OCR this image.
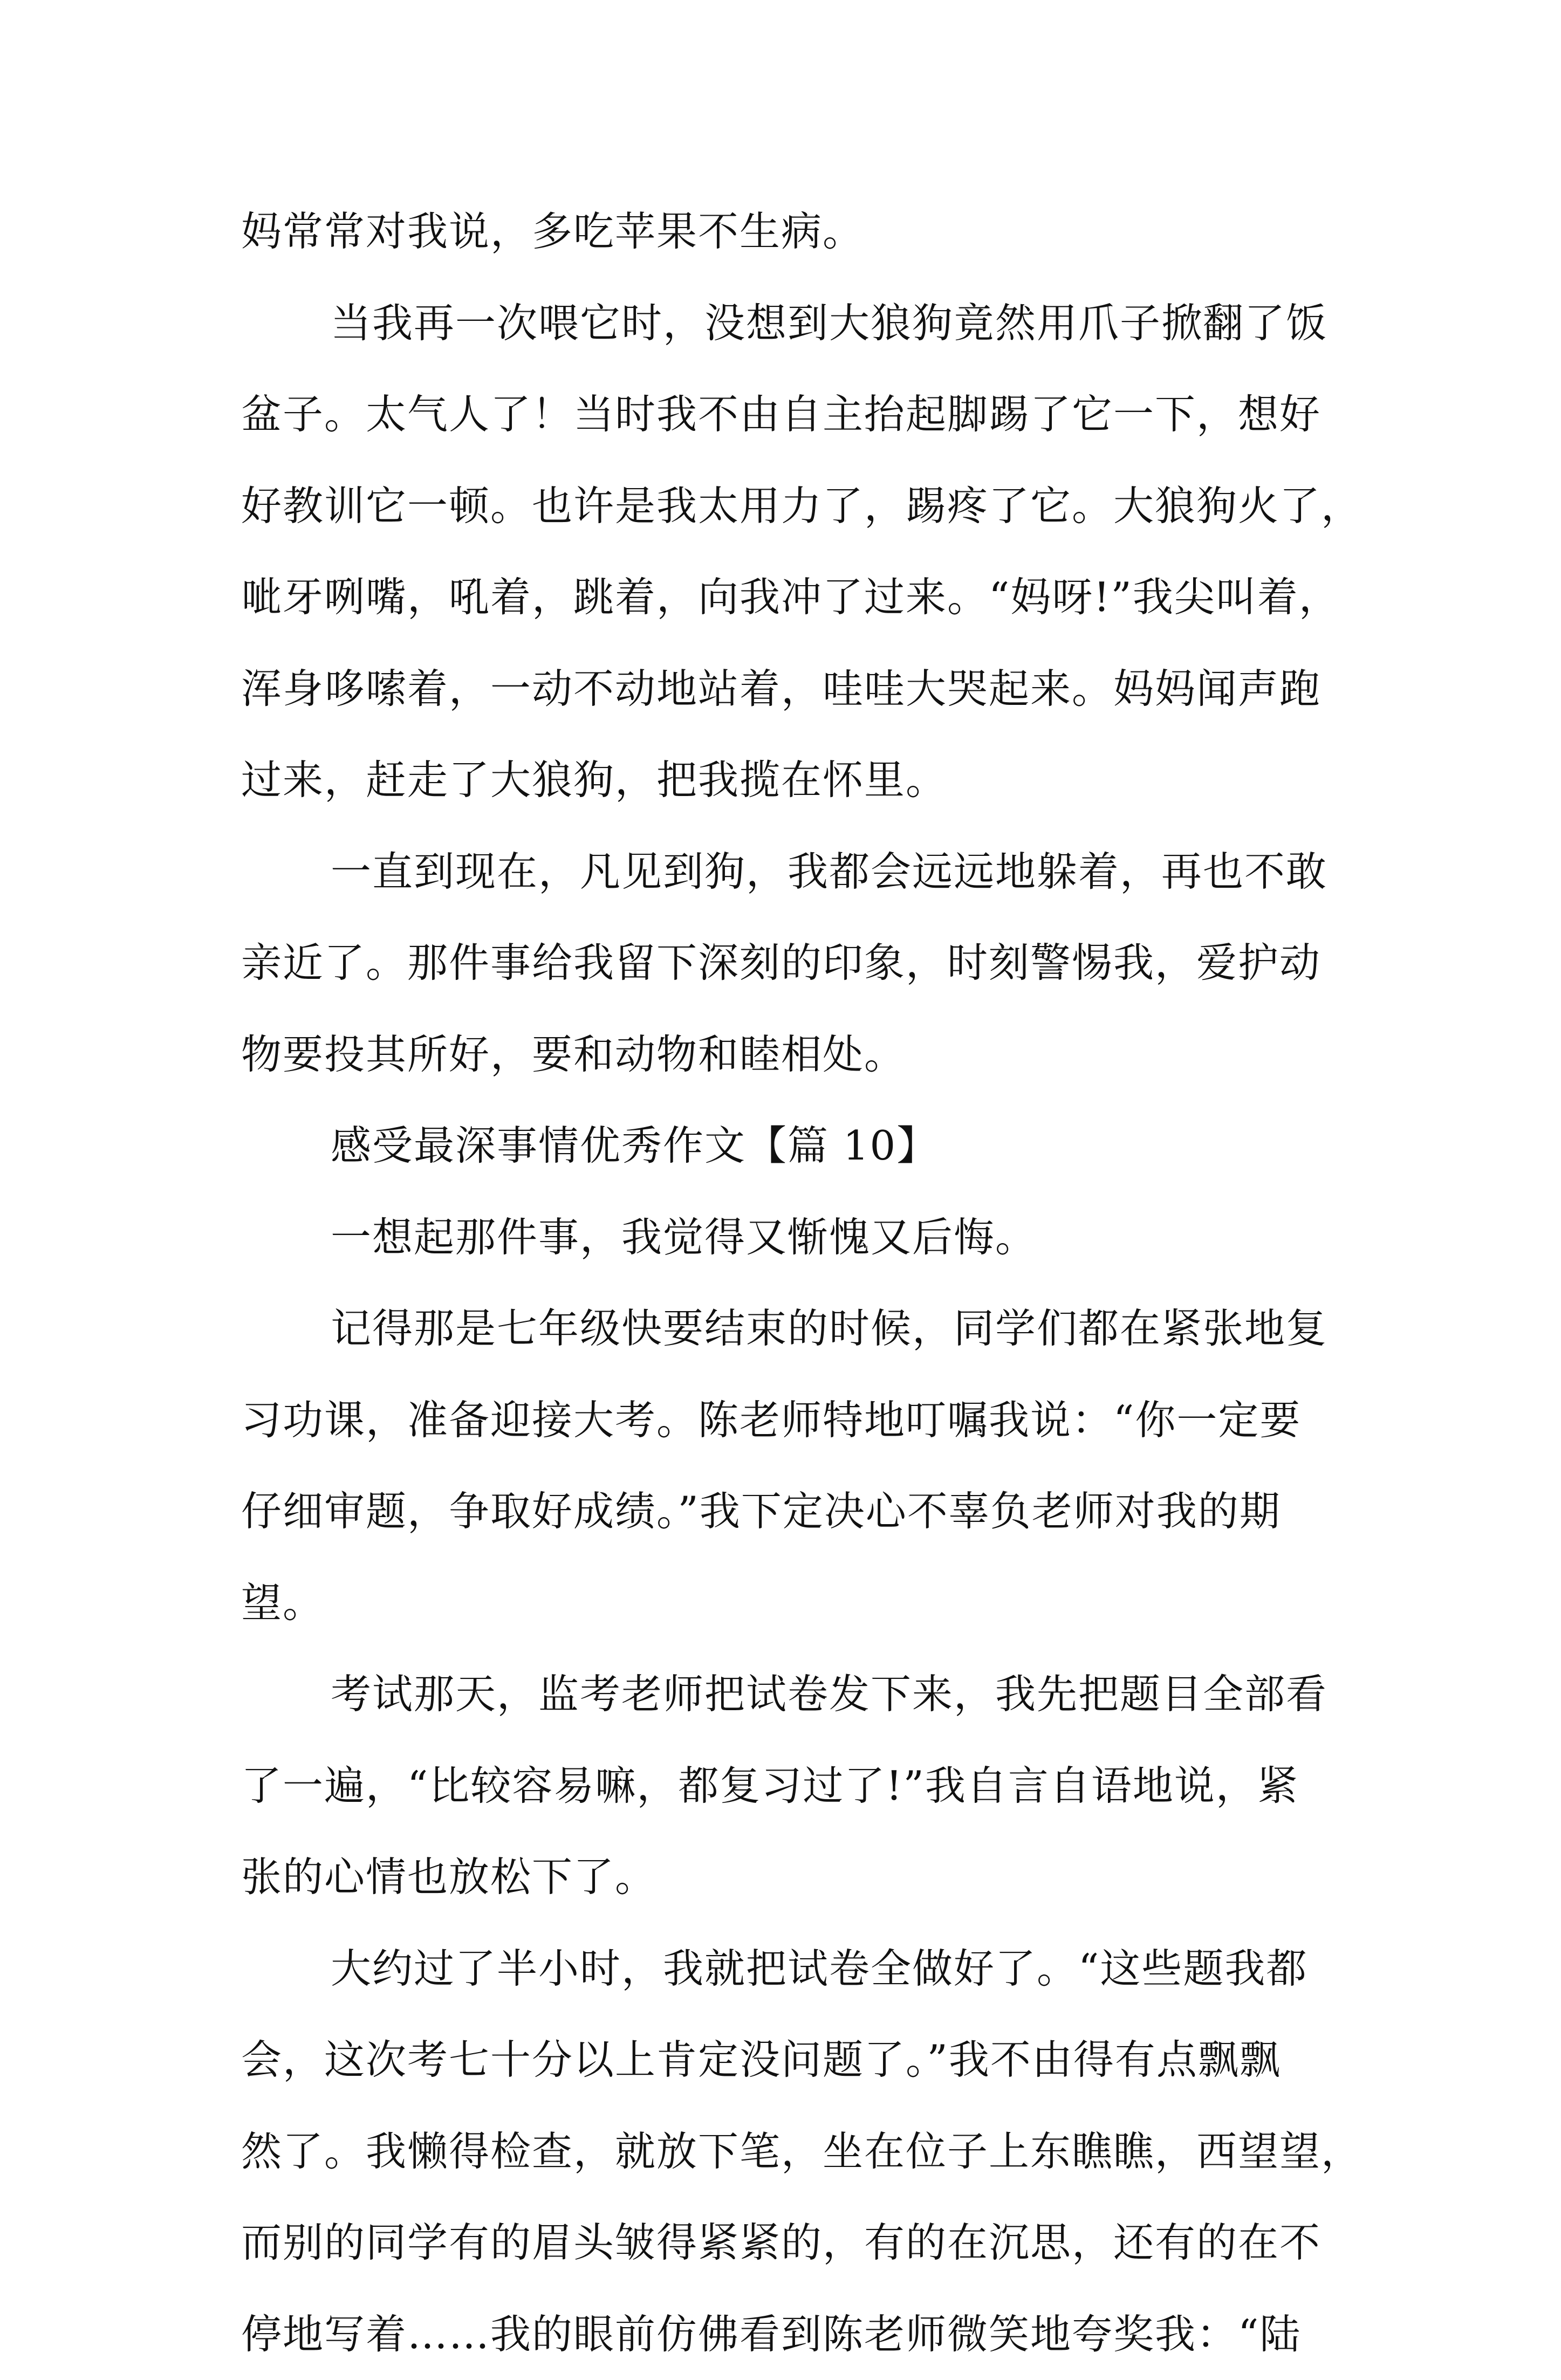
妈常常对我说，多吃苹果不生病。
当我再一次喂它时，没想到大狼狗竟然用爪子掀翻了饭
盆子。太气人了！当时我不由自主抬起脚踢了它一下，想好
好教训它一顿。也许是我太用力了，踢疼了它。大狼狗火了，
呲牙咧嘴，吼着，跳着，向我冲了过来。“妈呀!”我尖叫着，
浑身哆嗦着，一动不动地站着，哇哇大哭起来。妈妈闻声跑
过来，赶走了大狼狗，把我揽在怀里。
一直到现在，凡见到狗，我都会远远地躲着，再也不敢
亲近了。那件事给我留下深刻的印象，时刻警惕我，爱护动
物要投其所好，要和动物和睦相处。
感受最深事情优秀作文【篇 10】
一想起那件事，我觉得又惭愧又后悔。
记得那是七年级快要结束的时候，同学们都在紧张地复
习功课，准备迎接大考。陈老师特地叮嘱我说：“你一定要
仔细审题，争取好成绩。”我下定决心不辜负老师对我的期
望。
考试那天，监考老师把试卷发下来，我先把题目全部看
了一遍，“比较容易嘛，都复习过了!”我自言自语地说，紧
张的心情也放松下了。
大约过了半小时，我就把试卷全做好了。“这些题我都
会，这次考七十分以上肯定没问题了。”我不由得有点飘飘
然了。我懒得检查，就放下笔，坐在位子上东瞧瞧，西望望，
而别的同学有的眉头皱得紧紧的，有的在沉思，还有的在不
停地写着……我的眼前仿佛看到陈老师微笑地夸奖我：“陆
